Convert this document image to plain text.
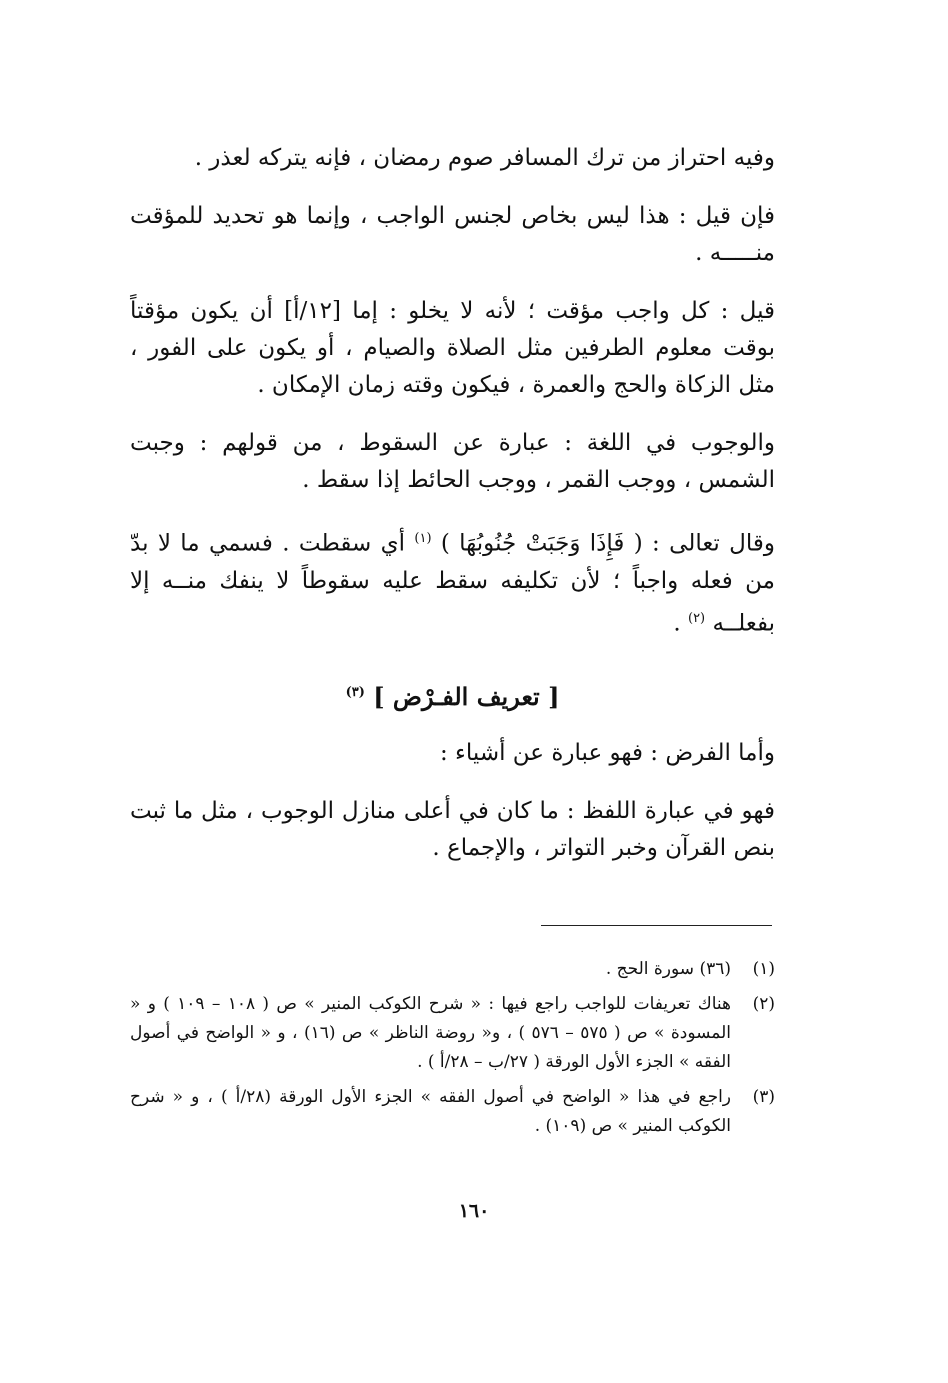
وفيه احتراز من ترك المسافر صوم رمضان ، فإنه يتركه لعذر .

فإن قيل : هذا ليس بخاص لجنس الواجب ، وإنما هو تحديد للمؤقت منـــــه .

قيل : كل واجب مؤقت ؛ لأنه لا يخلو : إما [١٢/أ] أن يكون مؤقتاً بوقت معلوم الطرفين مثل الصلاة والصيام ، أو يكون على الفور ، مثل الزكاة والحج والعمرة ، فيكون وقته زمان الإمكان .

والوجوب في اللغة : عبارة عن السقوط ، من قولهم : وجبت الشمس ، ووجب القمر ، ووجب الحائط إذا سقط .

وقال تعالى : ( فَإِذَا وَجَبَتْ جُنُوبُهَا ) $^{(١)}$ أي سقطت . فسمي ما لا بدّ من فعله واجباً ؛ لأن تكليفه سقط عليه سقوطاً لا ينفك منــه إلا بفعلــه $^{(٢)}$ .

[ تعريف الفـرْض ] $^{(٣)}$

وأما الفرض : فهو عبارة عن أشياء :

فهو في عبارة اللفظ : ما كان في أعلى منازل الوجوب ، مثل ما ثبت بنص القرآن وخبر التواتر ، والإجماع .

(١)
(٣٦) سورة الحج .
(٢)
هناك تعريفات للواجب راجع فيها : « شرح الكوكب المنير » ص ( ١٠٨ – ١٠٩ ) و « المسودة » ص ( ٥٧٥ – ٥٧٦ ) ، و« روضة الناظر » ص (١٦) ، و « الواضح في أصول الفقه » الجزء الأول الورقة ( ٢٧/ب – ٢٨/أ ) .
(٣)
راجع في هذا « الواضح في أصول الفقه » الجزء الأول الورقة (٢٨/أ ) ، و « شرح الكوكب المنير » ص (١٠٩) .
١٦٠
